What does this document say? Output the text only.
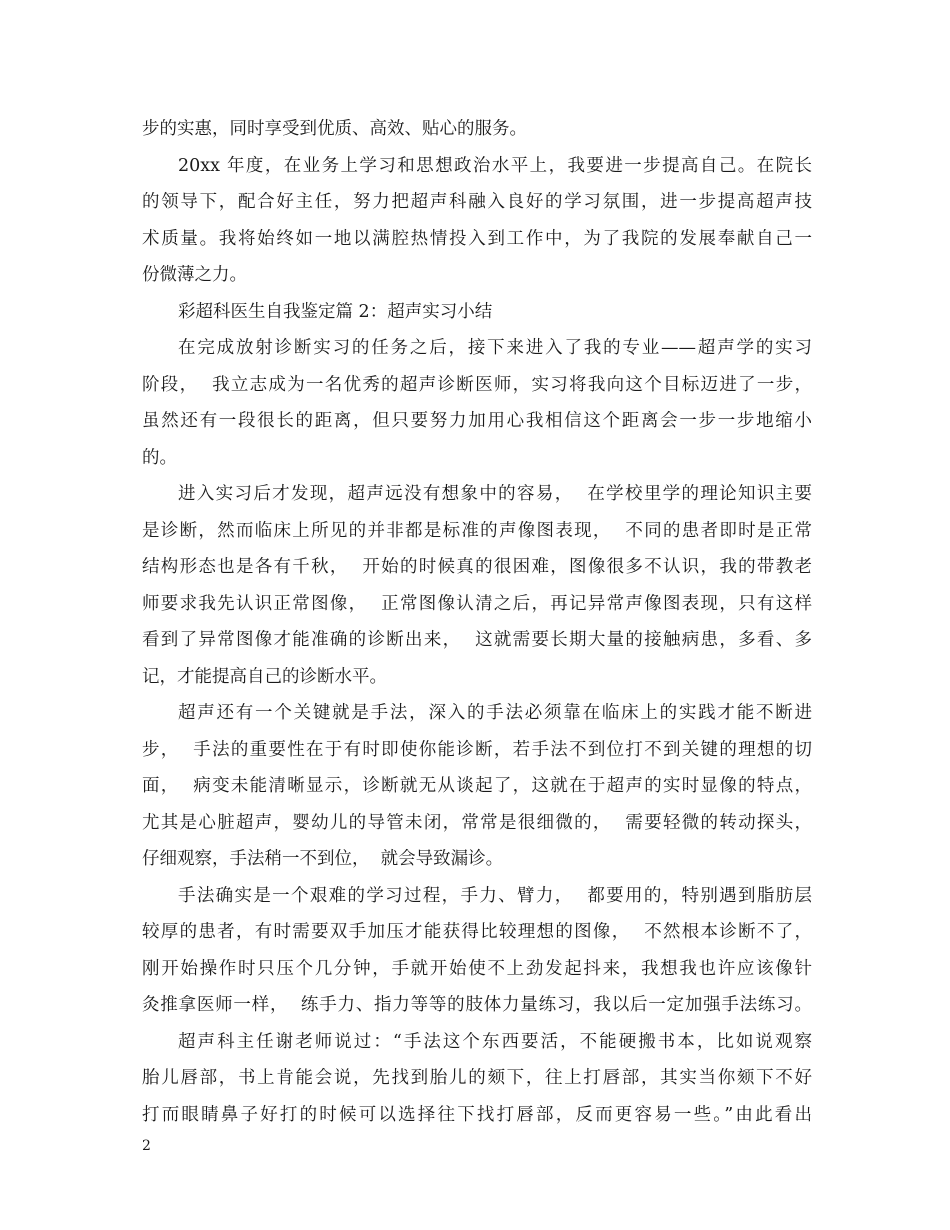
步的实惠，同时享受到优质、高效、贴心的服务。
20xx 年度，在业务上学习和思想政治水平上，我要进一步提高自己。在院长
的领导下，配合好主任，努力把超声科融入良好的学习氛围，进一步提高超声技
术质量。我将始终如一地以满腔热情投入到工作中，为了我院的发展奉献自己一
份微薄之力。
彩超科医生自我鉴定篇 2：超声实习小结
在完成放射诊断实习的任务之后，接下来进入了我的专业——超声学的实习
阶段，  我立志成为一名优秀的超声诊断医师，实习将我向这个目标迈进了一步，
虽然还有一段很长的距离，但只要努力加用心我相信这个距离会一步一步地缩小
的。
进入实习后才发现，超声远没有想象中的容易，  在学校里学的理论知识主要
是诊断，然而临床上所见的并非都是标准的声像图表现，  不同的患者即时是正常
结构形态也是各有千秋，  开始的时候真的很困难，图像很多不认识，我的带教老
师要求我先认识正常图像，  正常图像认清之后，再记异常声像图表现，只有这样
看到了异常图像才能准确的诊断出来，  这就需要长期大量的接触病患，多看、多
记，才能提高自己的诊断水平。
超声还有一个关键就是手法，深入的手法必须靠在临床上的实践才能不断进
步，  手法的重要性在于有时即使你能诊断，若手法不到位打不到关键的理想的切
面，  病变未能清晰显示，诊断就无从谈起了，这就在于超声的实时显像的特点，
尤其是心脏超声，婴幼儿的导管未闭，常常是很细微的，  需要轻微的转动探头，
仔细观察，手法稍一不到位，  就会导致漏诊。
手法确实是一个艰难的学习过程，手力、臂力，  都要用的，特别遇到脂肪层
较厚的患者，有时需要双手加压才能获得比较理想的图像，  不然根本诊断不了，
刚开始操作时只压个几分钟，手就开始使不上劲发起抖来，我想我也许应该像针
灸推拿医师一样，  练手力、指力等等的肢体力量练习，我以后一定加强手法练习。
超声科主任谢老师说过：“手法这个东西要活，不能硬搬书本，比如说观察
胎儿唇部，书上肯能会说，先找到胎儿的颏下，往上打唇部，其实当你颏下不好
打而眼睛鼻子好打的时候可以选择往下找打唇部，反而更容易一些。”由此看出
2
